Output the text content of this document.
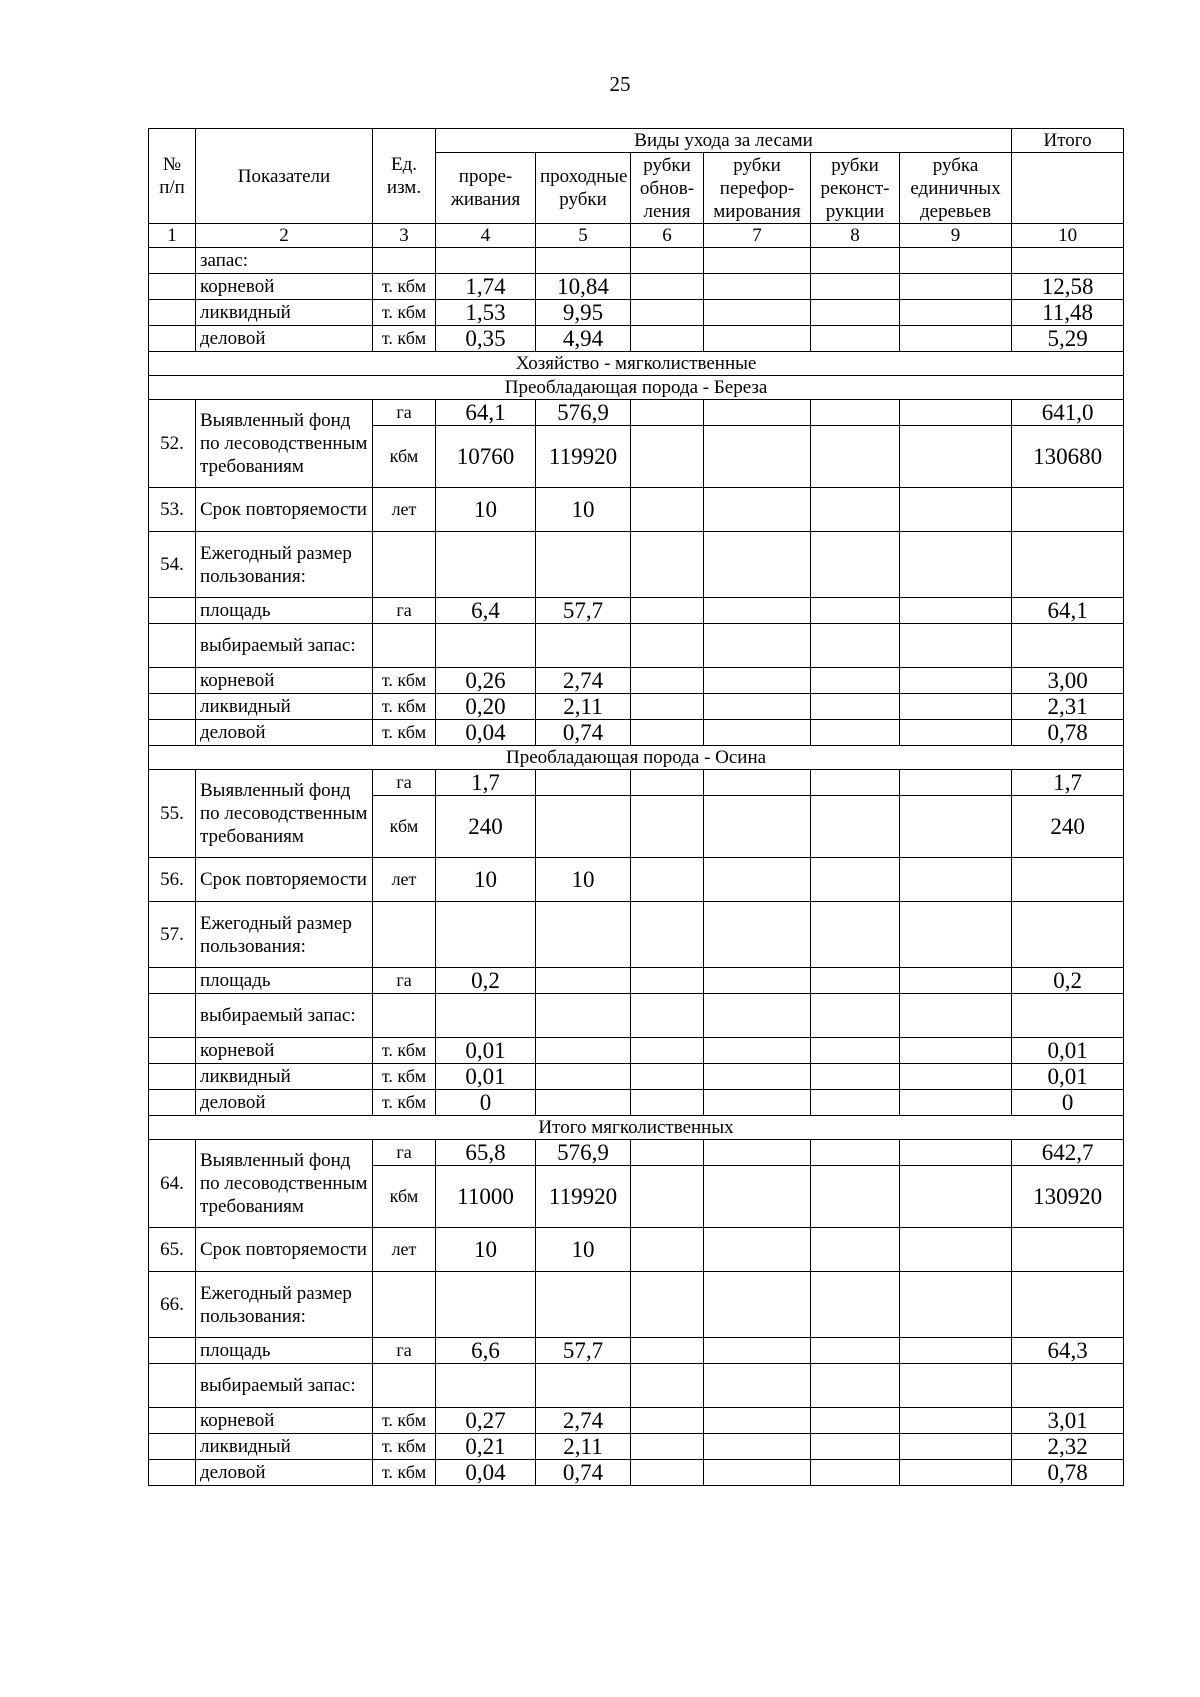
25
№ п/п	Показатели	Ед. изм.	Виды ухода за лесами						Итого
			проре-живания	проходные рубки	рубки обнов-ления	рубки перефор-мирования	рубки реконст-рукции	рубка единичных деревьев	
1	2	3	4	5	6	7	8	9	10
	запас:								
	корневой	т. кбм	1,74	10,84					12,58
	ликвидный	т. кбм	1,53	9,95					11,48
	деловой	т. кбм	0,35	4,94					5,29
Хозяйство - мягколиственные									
Преобладающая порода - Береза									
52.	Выявленный фонд по лесоводственным требованиям	га	64,1	576,9					641,0
		кбм	10760	119920					130680
53.	Срок повторяемости	лет	10	10					
54.	Ежегодный размер пользования:								
	площадь	га	6,4	57,7					64,1
	выбираемый запас:								
	корневой	т. кбм	0,26	2,74					3,00
	ликвидный	т. кбм	0,20	2,11					2,31
	деловой	т. кбм	0,04	0,74					0,78
Преобладающая порода - Осина									
55.	Выявленный фонд по лесоводственным требованиям	га	1,7						1,7
		кбм	240						240
56.	Срок повторяемости	лет	10	10					
57.	Ежегодный размер пользования:								
	площадь	га	0,2						0,2
	выбираемый запас:								
	корневой	т. кбм	0,01						0,01
	ликвидный	т. кбм	0,01						0,01
	деловой	т. кбм	0						0
Итого мягколиственных									
64.	Выявленный фонд по лесоводственным требованиям	га	65,8	576,9					642,7
		кбм	11000	119920					130920
65.	Срок повторяемости	лет	10	10					
66.	Ежегодный размер пользования:								
	площадь	га	6,6	57,7					64,3
	выбираемый запас:								
	корневой	т. кбм	0,27	2,74					3,01
	ликвидный	т. кбм	0,21	2,11					2,32
	деловой	т. кбм	0,04	0,74					0,78
